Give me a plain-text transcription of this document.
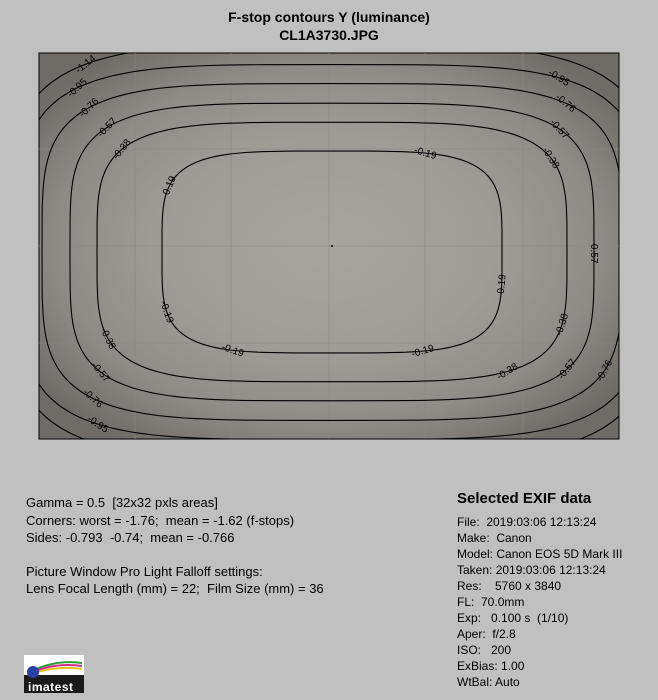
F-stop contours Y (luminance)
CL1A3730.JPG
-0.19
-0.19
-0.19
-0.19	-0.19
-0.19
-0.38	-0.38
-0.38
-0.38
-0.38
-0.57	-0.57
-0.57
-0.57	-0.57
-0.76	-0.76
-0.76
-0.76
-0.95	-0.95
-0.95
-1.14
Gamma = 0.5  [32x32 pxls areas]
Corners: worst = -1.76;  mean = -1.62 (f-stops)
Sides: -0.793  -0.74;  mean = -0.766
Picture Window Pro Light Falloff settings:
Lens Focal Length (mm) = 22;  Film Size (mm) = 36
Selected EXIF data
File:  2019:03:06 12:13:24
Make:  Canon
Model: Canon EOS 5D Mark III
Taken: 2019:03:06 12:13:24
Res:    5760 x 3840
FL:  70.0mm
Exp:   0.100 s  (1/10)
Aper:  f/2.8
ISO:   200
ExBias: 1.00
WtBal: Auto
imatest
